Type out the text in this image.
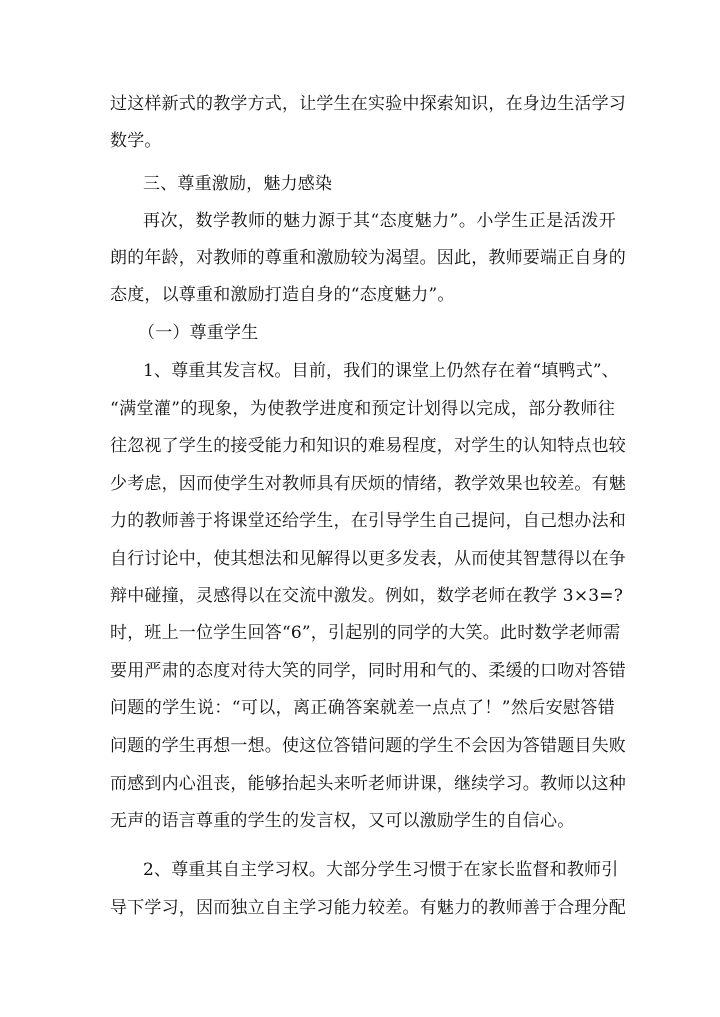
过这样新式的教学方式，让学生在实验中探索知识，在身边生活学习
数学。
三、尊重激励，魅力感染
再次，数学教师的魅力源于其“态度魅力”。小学生正是活泼开
朗的年龄，对教师的尊重和激励较为渴望。因此，教师要端正自身的
态度，以尊重和激励打造自身的“态度魅力”。
（一）尊重学生
1、尊重其发言权。目前，我们的课堂上仍然存在着“填鸭式”、
“满堂灌”的现象，为使教学进度和预定计划得以完成，部分教师往
往忽视了学生的接受能力和知识的难易程度，对学生的认知特点也较
少考虑，因而使学生对教师具有厌烦的情绪，教学效果也较差。有魅
力的教师善于将课堂还给学生，在引导学生自己提问，自己想办法和
自行讨论中，使其想法和见解得以更多发表，从而使其智慧得以在争
辩中碰撞，灵感得以在交流中激发。例如，数学老师在教学 3×3=?
时，班上一位学生回答“6”，引起别的同学的大笑。此时数学老师需
要用严肃的态度对待大笑的同学，同时用和气的、柔缓的口吻对答错
问题的学生说：“可以，离正确答案就差一点点了！”然后安慰答错
问题的学生再想一想。使这位答错问题的学生不会因为答错题目失败
而感到内心沮丧，能够抬起头来听老师讲课，继续学习。教师以这种
无声的语言尊重的学生的发言权，又可以激励学生的自信心。
2、尊重其自主学习权。大部分学生习惯于在家长监督和教师引
导下学习，因而独立自主学习能力较差。有魅力的教师善于合理分配
